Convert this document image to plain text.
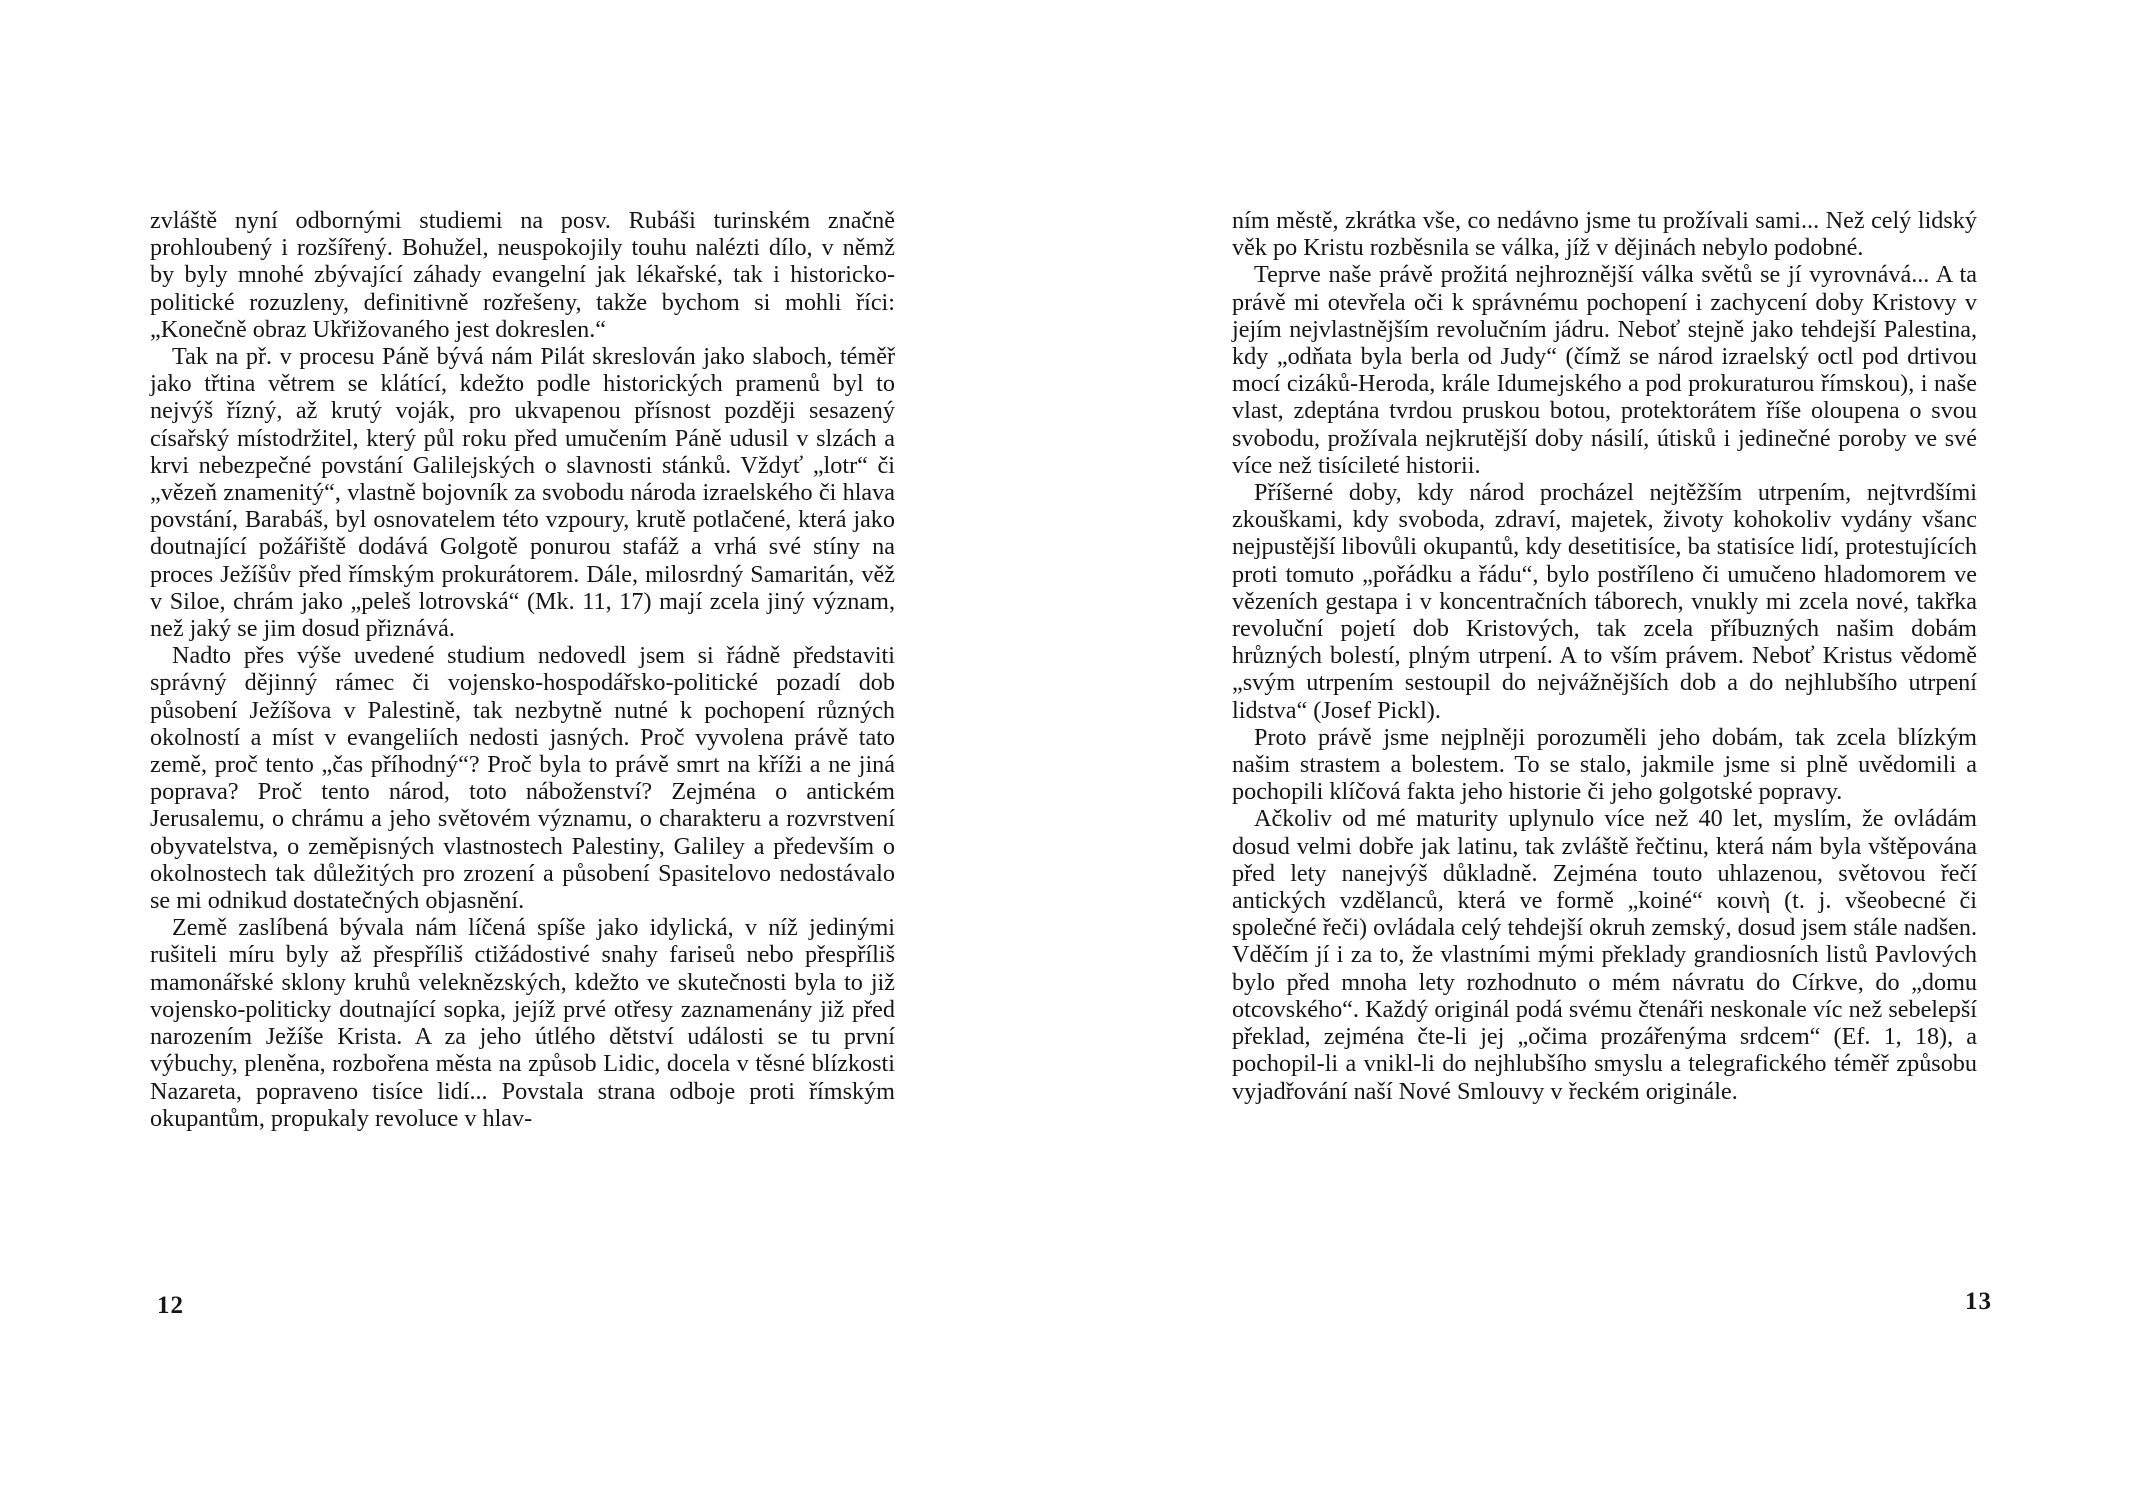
zvláště nyní odbornými studiemi na posv. Rubáši turinském značně prohloubený i rozšířený. Bohužel, neuspokojily touhu nalézti dílo, v němž by byly mnohé zbývající záhady evangelní jak lékařské, tak i historicko-politické rozuzleny, definitivně rozřešeny, takže bychom si mohli říci: „Konečně obraz Ukřižovaného jest dokreslen.“

Tak na př. v procesu Páně bývá nám Pilát skreslován jako slaboch, téměř jako třtina větrem se klátící, kdežto podle historických pramenů byl to nejvýš řízný, až krutý voják, pro ukvapenou přísnost později sesazený císařský místodržitel, který půl roku před umučením Páně udusil v slzách a krvi nebezpečné povstání Galilejských o slavnosti stánků. Vždyť „lotr“ či „vězeň znamenitý“, vlastně bojovník za svobodu národa izraelského či hlava povstání, Barabáš, byl osnovatelem této vzpoury, krutě potlačené, která jako doutnající požářiště dodává Golgotě ponurou stafáž a vrhá své stíny na proces Ježíšův před římským prokurátorem. Dále, milosrdný Samaritán, věž v Siloe, chrám jako „peleš lotrovská“ (Mk. 11, 17) mají zcela jiný význam, než jaký se jim dosud přiznává.

Nadto přes výše uvedené studium nedovedl jsem si řádně představiti správný dějinný rámec či vojensko-hospodářsko-politické pozadí dob působení Ježíšova v Palestině, tak nezbytně nutné k pochopení různých okolností a míst v evangeliích nedosti jasných. Proč vyvolena právě tato země, proč tento „čas příhodný“? Proč byla to právě smrt na kříži a ne jiná poprava? Proč tento národ, toto náboženství? Zejména o antickém Jerusalemu, o chrámu a jeho světovém významu, o charakteru a rozvrstvení obyvatelstva, o zeměpisných vlastnostech Palestiny, Galiley a především o okolnostech tak důležitých pro zrození a působení Spasitelovo nedostávalo se mi odnikud dostatečných objasnění.

Země zaslíbená bývala nám líčená spíše jako idylická, v níž jedinými rušiteli míru byly až přespříliš ctižádostivé snahy fariseů nebo přespříliš mamonářské sklony kruhů veleknězských, kdežto ve skutečnosti byla to již vojensko-politicky doutnající sopka, jejíž prvé otřesy zaznamenány již před narozením Ježíše Krista. A za jeho útlého dětství události se tu první výbuchy, pleněna, rozbořena města na způsob Lidic, docela v těsné blízkosti Nazareta, popraveno tisíce lidí... Povstala strana odboje proti římským okupantům, propukaly revoluce v hlav-

12

ním městě, zkrátka vše, co nedávno jsme tu prožívali sami... Než celý lidský věk po Kristu rozběsnila se válka, jíž v dějinách nebylo podobné.

Teprve naše právě prožitá nejhroznější válka světů se jí vyrovnává... A ta právě mi otevřela oči k správnému pochopení i zachycení doby Kristovy v jejím nejvlastnějším revolučním jádru. Neboť stejně jako tehdejší Palestina, kdy „odňata byla berla od Judy“ (čímž se národ izraelský octl pod drtivou mocí cizáků-Heroda, krále Idumejského a pod prokuraturou římskou), i naše vlast, zdeptána tvrdou pruskou botou, protektorátem říše oloupena o svou svobodu, prožívala nejkrutější doby násilí, útisků i jedinečné poroby ve své více než tisícileté historii.

Příšerné doby, kdy národ procházel nejtěžším utrpením, nejtvrdšími zkouškami, kdy svoboda, zdraví, majetek, životy kohokoliv vydány všanc nejpustější libovůli okupantů, kdy desetitisíce, ba statisíce lidí, protestujících proti tomuto „pořádku a řádu“, bylo postříleno či umučeno hladomorem ve vězeních gestapa i v koncentračních táborech, vnukly mi zcela nové, takřka revoluční pojetí dob Kristových, tak zcela příbuzných našim dobám hrůzných bolestí, plným utrpení. A to vším právem. Neboť Kristus vědomě „svým utrpením sestoupil do nejvážnějších dob a do nejhlubšího utrpení lidstva“ (Josef Pickl).

Proto právě jsme nejplněji porozuměli jeho dobám, tak zcela blízkým našim strastem a bolestem. To se stalo, jakmile jsme si plně uvědomili a pochopili klíčová fakta jeho historie či jeho golgotské popravy.

Ačkoliv od mé maturity uplynulo více než 40 let, myslím, že ovládám dosud velmi dobře jak latinu, tak zvláště řečtinu, která nám byla vštěpována před lety nanejvýš důkladně. Zejména touto uhlazenou, světovou řečí antických vzdělanců, která ve formě „koiné“ κοινὴ (t. j. všeobecné či společné řeči) ovládala celý tehdejší okruh zemský, dosud jsem stále nadšen. Vděčím jí i za to, že vlastními mými překlady grandiosních listů Pavlových bylo před mnoha lety rozhodnuto o mém návratu do Církve, do „domu otcovského“. Každý originál podá svému čtenáři neskonale víc než sebelepší překlad, zejména čte-li jej „očima prozářenýma srdcem“ (Ef. 1, 18), a pochopil-li a vnikl-li do nejhlubšího smyslu a telegrafického téměř způsobu vyjadřování naší Nové Smlouvy v řeckém originále.

13
